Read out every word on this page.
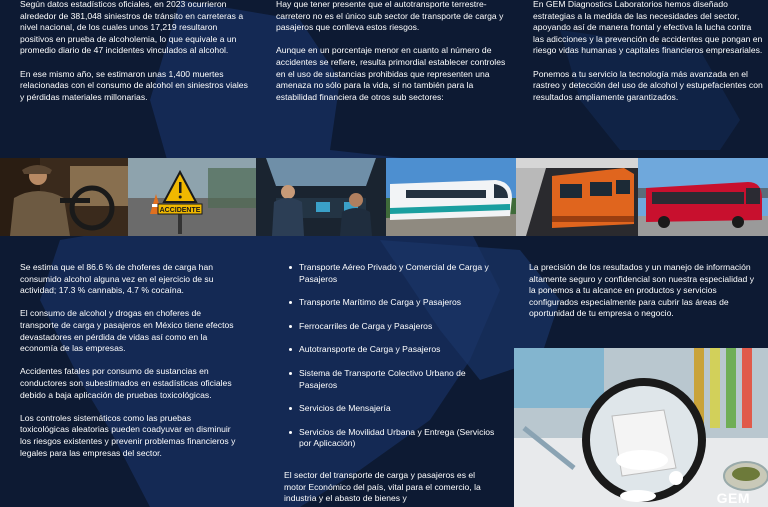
Según datos estadísticos oficiales, en 2023 ocurrieron alrededor de 381,048 siniestros de tránsito en carreteras a nivel nacional, de los cuales unos 17,219 resultaron positivos en prueba de alcoholemia, lo que equivale a un promedio diario de 47 incidentes vinculados al alcohol.

En ese mismo año, se estimaron unas 1,400 muertes relacionadas con el consumo de alcohol en siniestros viales y pérdidas materiales millonarias.

Hay que tener presente que el autotransporte terrestre-carretero no es el único sub sector de transporte de carga y pasajeros que conlleva estos riesgos.

Aunque en un porcentaje menor en cuanto al número de accidentes se refiere, resulta primordial establecer controles en el uso de sustancias prohibidas que representen una amenaza no sólo para la vida, sí no también para la estabilidad financiera de otros sub sectores:

En GEM Diagnostics Laboratorios hemos diseñado estrategias a la medida de las necesidades del sector, apoyando así de manera frontal y efectiva la lucha contra las adicciones y la prevención de accidentes que pongan en riesgo vidas humanas y capitales financieros empresariales.

Ponemos a tu servicio la tecnología más avanzada en el rastreo y detección del uso de alcohol y estupefacientes con resultados ampliamente garantizados.

ACCIDENTE

Se estima que el 86.6 % de choferes de carga han consumido alcohol alguna vez en el ejercicio de su actividad; 17.3 % cannabis, 4.7 % cocaína.

El consumo de alcohol y drogas en choferes de transporte de carga y pasajeros en México tiene efectos devastadores en pérdida de vidas así como en la economía de las empresas.

Accidentes fatales por consumo de sustancias en conductores son subestimados en estadísticas oficiales debido a baja aplicación de pruebas toxicológicas.

Los controles sistemáticos como las pruebas toxicológicas aleatorias pueden coadyuvar en disminuir los riesgos existentes y prevenir problemas financieros y legales para las empresas del sector.

Transporte Aéreo Privado y Comercial de Carga y Pasajeros
Transporte Marítimo de Carga y Pasajeros
Ferrocarriles de Carga y Pasajeros
Autotransporte de Carga y Pasajeros
Sistema de Transporte Colectivo Urbano de Pasajeros
Servicios de Mensajería
Servicios de Movilidad Urbana y Entrega (Servicios por Aplicación)

El sector del transporte de carga y pasajeros es el motor Económico del país, vital para el comercio, la industria y el abasto de bienes y

La precisión de los resultados y un manejo de información altamente seguro y confidencial son nuestra especialidad y la ponemos a tu alcance en productos y servicios configurados especialmente para cubrir las áreas de oportunidad de tu empresa o negocio.

GEM
